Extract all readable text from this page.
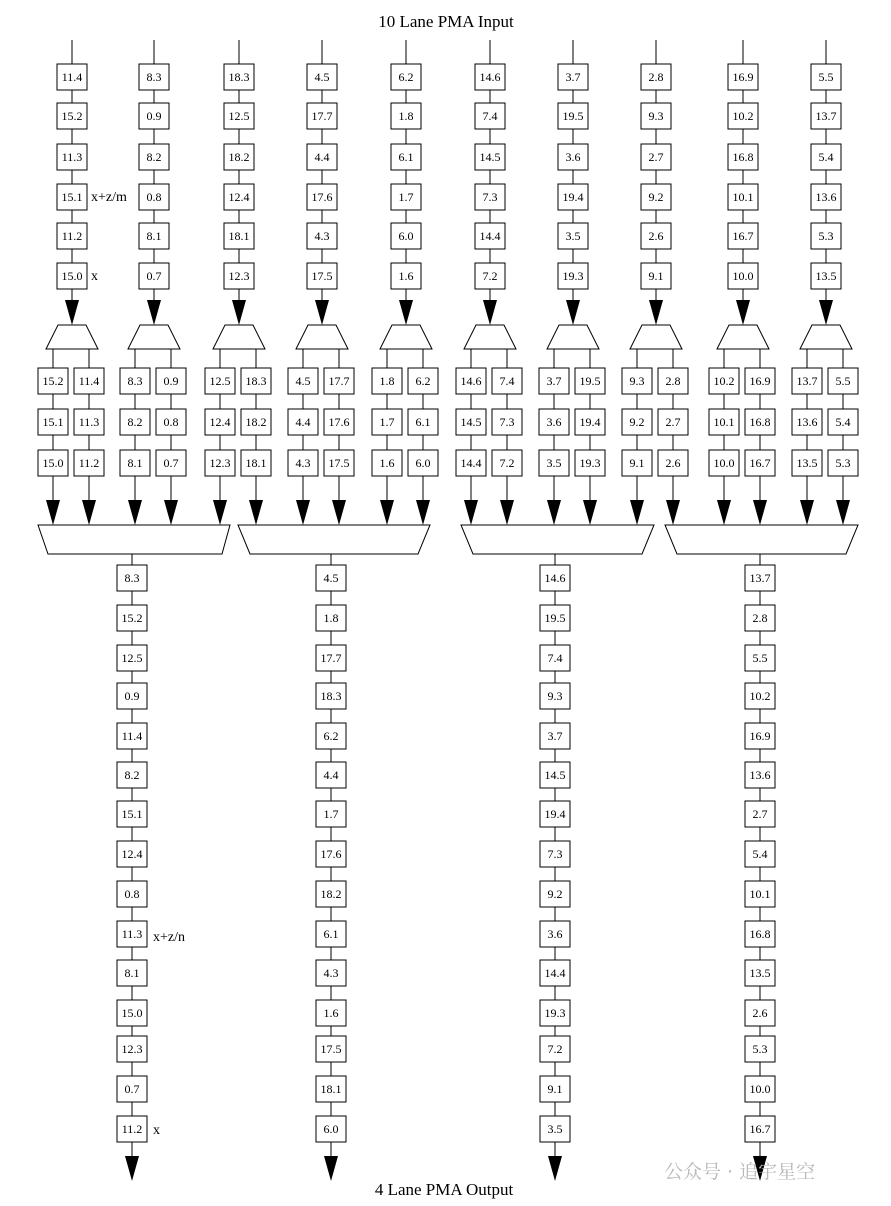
10 Lane PMA Input
11.4
15.2
11.3
15.1
11.2
15.0
15.2
15.1
15.0
11.4
11.3
11.2
8.3
0.9
8.2
0.8
8.1
0.7
8.3
8.2
8.1
0.9
0.8
0.7
18.3
12.5
18.2
12.4
18.1
12.3
12.5
12.4
12.3
18.3
18.2
18.1
4.5
17.7
4.4
17.6
4.3
17.5
4.5
4.4
4.3
17.7
17.6
17.5
6.2
1.8
6.1
1.7
6.0
1.6
1.8
1.7
1.6
6.2
6.1
6.0
14.6
7.4
14.5
7.3
14.4
7.2
14.6
14.5
14.4
7.4
7.3
7.2
3.7
19.5
3.6
19.4
3.5
19.3
3.7
3.6
3.5
19.5
19.4
19.3
2.8
9.3
2.7
9.2
2.6
9.1
9.3
9.2
9.1
2.8
2.7
2.6
16.9
10.2
16.8
10.1
16.7
10.0
10.2
10.1
10.0
16.9
16.8
16.7
5.5
13.7
5.4
13.6
5.3
13.5
13.7
13.6
13.5
5.5
5.4
5.3
8.3
15.2
12.5
0.9
11.4
8.2
15.1
12.4
0.8
11.3
8.1
15.0
12.3
0.7
11.2
4.5
1.8
17.7
18.3
6.2
4.4
1.7
17.6
18.2
6.1
4.3
1.6
17.5
18.1
6.0
14.6
19.5
7.4
9.3
3.7
14.5
19.4
7.3
9.2
3.6
14.4
19.3
7.2
9.1
3.5
13.7
2.8
5.5
10.2
16.9
13.6
2.7
5.4
10.1
16.8
13.5
2.6
5.3
10.0
16.7
x+z/m
x
x+z/n
x
4 Lane PMA Output
公众号 · 追宇星空
